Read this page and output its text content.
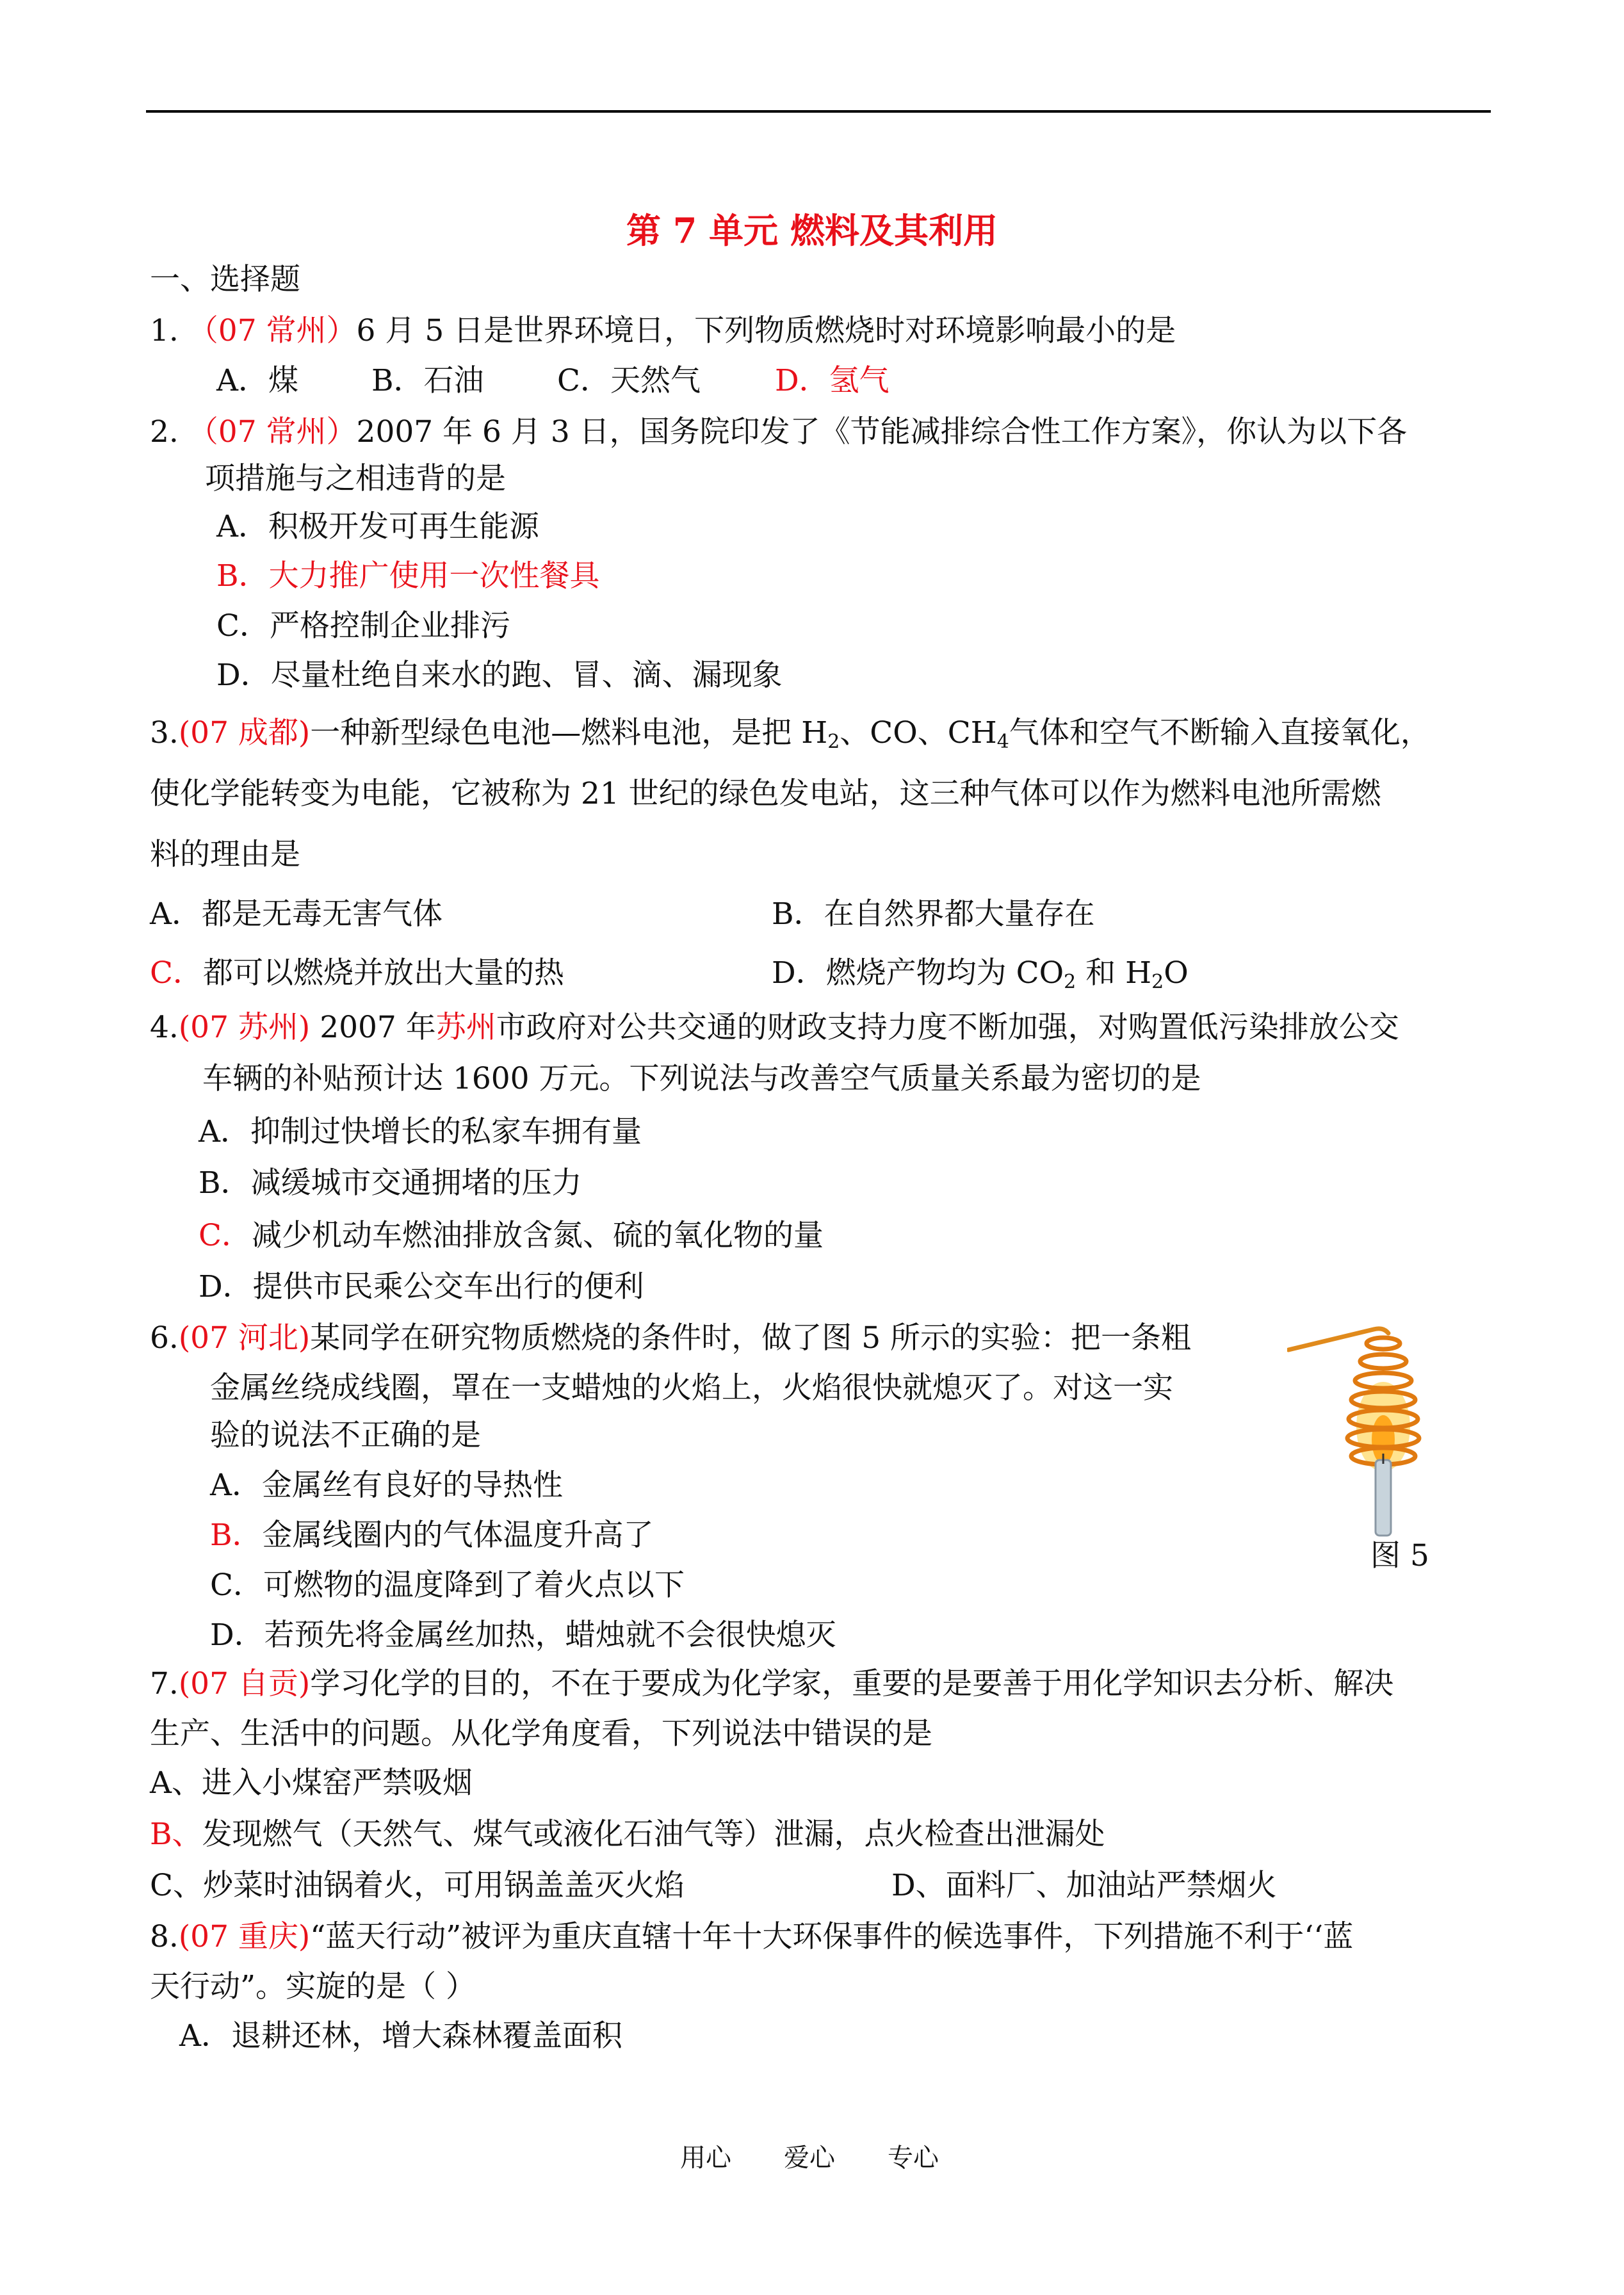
第 7 单元 燃料及其利用
一、选择题
1. （07 常州）6 月 5 日是世界环境日，下列物质燃烧时对环境影响最小的是
A．煤 B．石油 C．天然气 D．氢气
2. （07 常州）2007 年 6 月 3 日，国务院印发了《节能减排综合性工作方案》，你认为以下各
项措施与之相违背的是
A．积极开发可再生能源
B．大力推广使用一次性餐具
C．严格控制企业排污
D．尽量杜绝自来水的跑、冒、滴、漏现象
3.(07 成都)一种新型绿色电池—燃料电池，是把 $H_2$、CO、$CH_4$气体和空气不断输入直接氧化，
使化学能转变为电能，它被称为 21 世纪的绿色发电站，这三种气体可以作为燃料电池所需燃
料的理由是
A．都是无毒无害气体	B．在自然界都大量存在
C．都可以燃烧并放出大量的热	D．燃烧产物均为 $CO_2$ 和 $H_2O$
4.(07 苏州) 2007 年苏州市政府对公共交通的财政支持力度不断加强，对购置低污染排放公交
车辆的补贴预计达 1600 万元。下列说法与改善空气质量关系最为密切的是
A．抑制过快增长的私家车拥有量
B．减缓城市交通拥堵的压力
C．减少机动车燃油排放含氮、硫的氧化物的量
D．提供市民乘公交车出行的便利
6.(07 河北)某同学在研究物质燃烧的条件时，做了图 5 所示的实验：把一条粗
金属丝绕成线圈，罩在一支蜡烛的火焰上，火焰很快就熄灭了。对这一实
验的说法不正确的是
A．金属丝有良好的导热性
B．金属线圈内的气体温度升高了
C．可燃物的温度降到了着火点以下
D．若预先将金属丝加热，蜡烛就不会很快熄灭
图 5
7.(07 自贡)学习化学的目的，不在于要成为化学家，重要的是要善于用化学知识去分析、解决
生产、生活中的问题。从化学角度看，下列说法中错误的是
A、进入小煤窑严禁吸烟
B、发现燃气（天然气、煤气或液化石油气等）泄漏，点火检查出泄漏处
C、炒菜时油锅着火，可用锅盖盖灭火焰	D、面料厂、加油站严禁烟火
8.(07 重庆)“蓝天行动”被评为重庆直辖十年十大环保事件的候选事件，下列措施不利于‘‘蓝
天行动”。实旋的是（ ）
A．退耕还林，增大森林覆盖面积
用心 爱心 专心
